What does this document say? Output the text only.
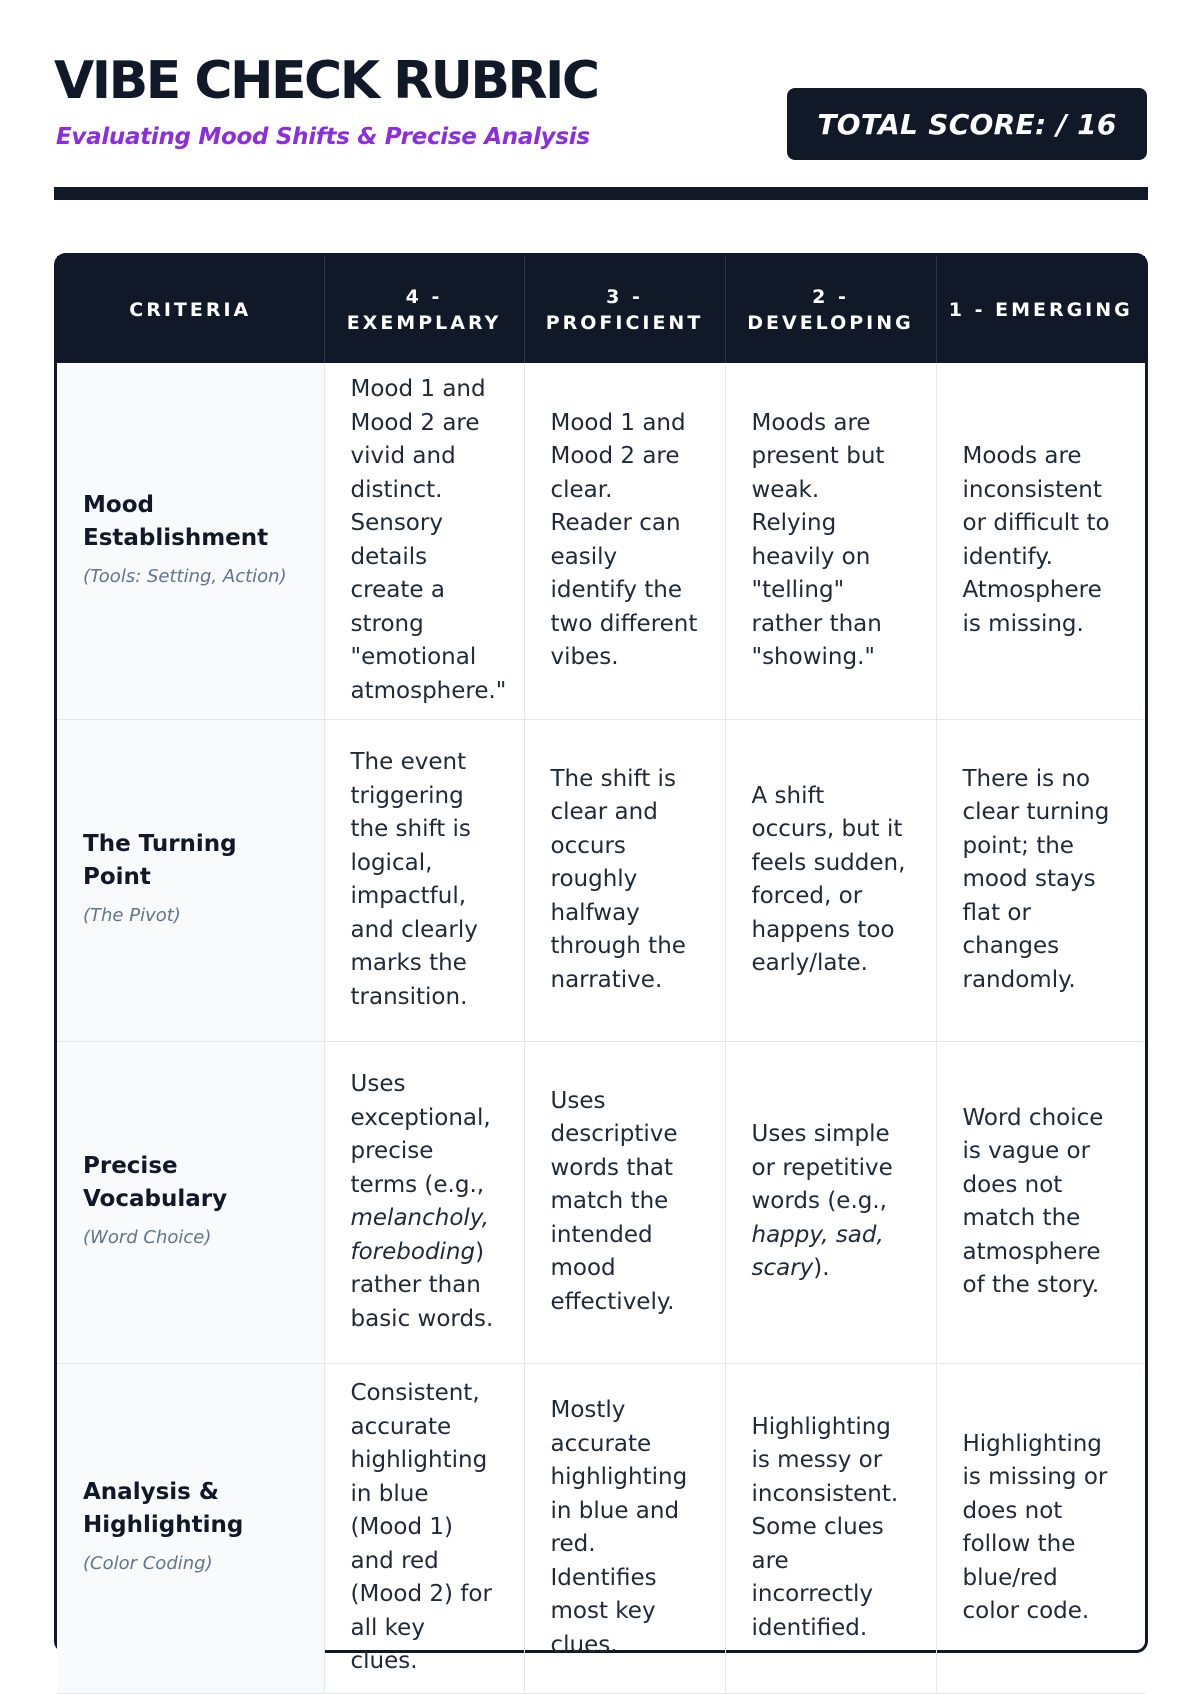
VIBE CHECK RUBRIC
Evaluating Mood Shifts & Precise Analysis	TOTAL SCORE: / 16
CRITERIA	4 - EXEMPLARY	3 - PROFICIENT	2 - DEVELOPING	1 - EMERGING

Mood Establishment
(Tools: Setting, Action)	Mood 1 and Mood 2 are vivid and distinct. Sensory details create a strong "emotional atmosphere."	Mood 1 and Mood 2 are clear. Reader can easily identify the two different vibes.	Moods are present but weak. Relying heavily on "telling" rather than "showing."	Moods are inconsistent or difficult to identify. Atmosphere is missing.

The Turning Point
(The Pivot)	The event triggering the shift is logical, impactful, and clearly marks the transition.	The shift is clear and occurs roughly halfway through the narrative.	A shift occurs, but it feels sudden, forced, or happens too early/late.	There is no clear turning point; the mood stays flat or changes randomly.

Precise Vocabulary
(Word Choice)	Uses exceptional, precise terms (e.g., melancholy, foreboding) rather than basic words.	Uses descriptive words that match the intended mood effectively.	Uses simple or repetitive words (e.g., happy, sad, scary).	Word choice is vague or does not match the atmosphere of the story.

Analysis & Highlighting
(Color Coding)	Consistent, accurate highlighting in blue (Mood 1) and red (Mood 2) for all key clues.	Mostly accurate highlighting in blue and red. Identifies most key clues.	Highlighting is messy or inconsistent. Some clues are incorrectly identified.	Highlighting is missing or does not follow the blue/red color code.
